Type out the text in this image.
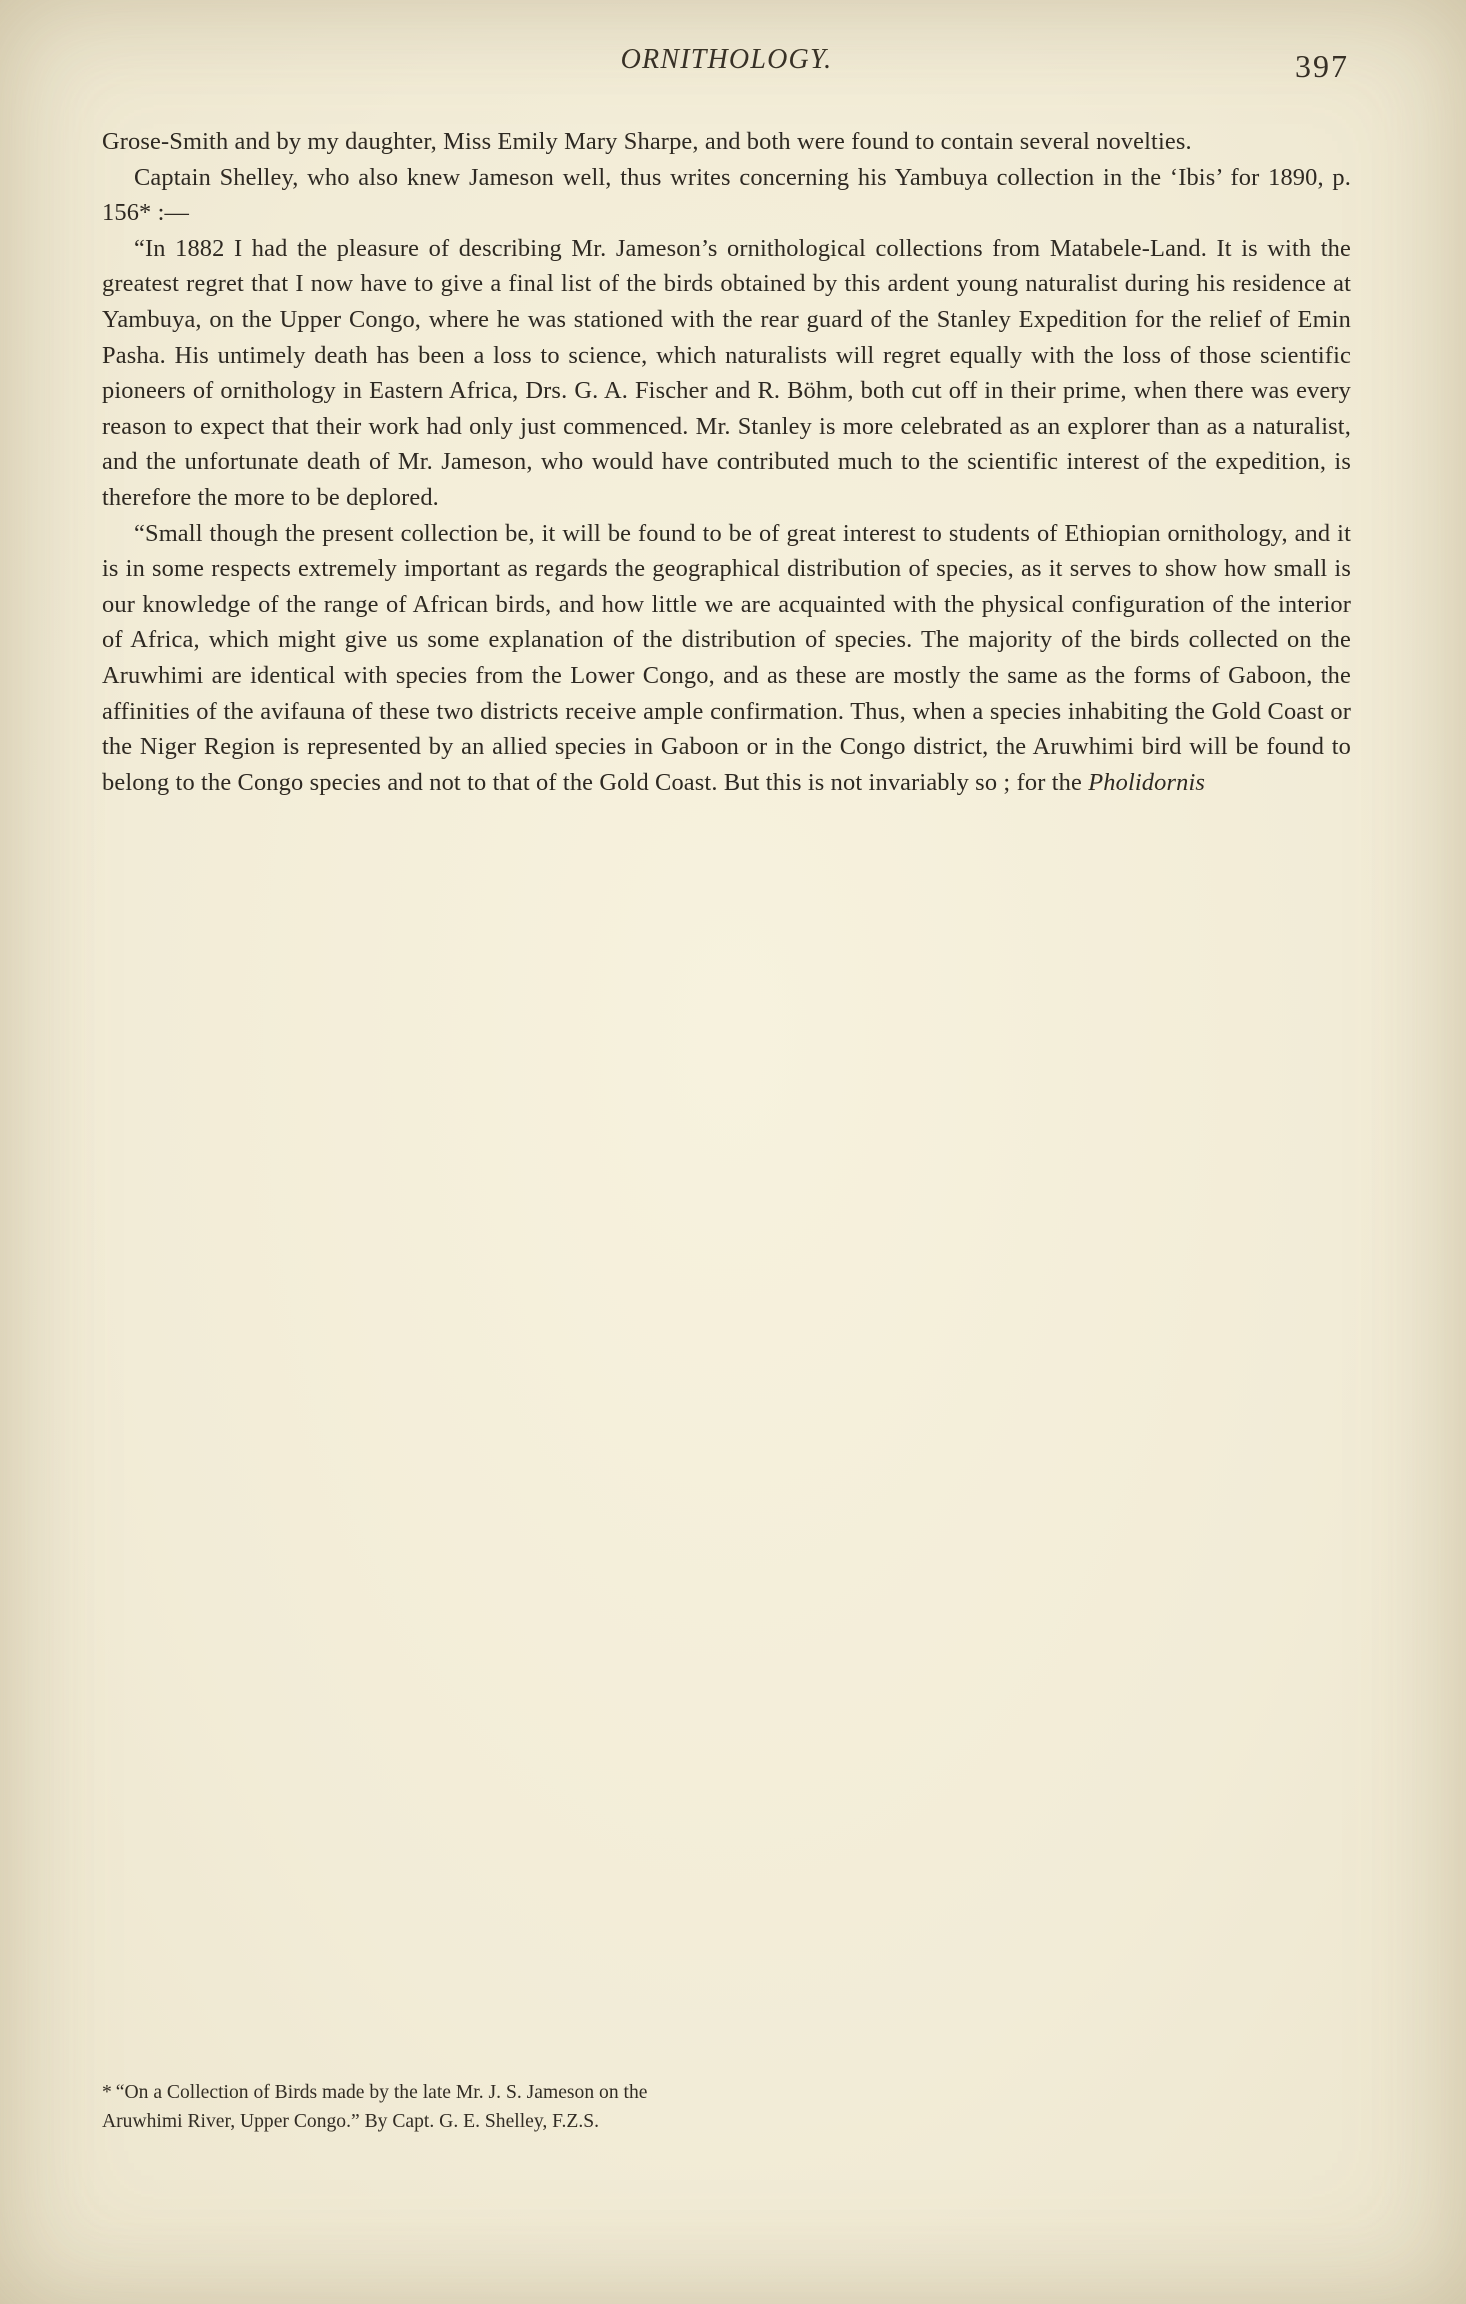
ORNITHOLOGY.	397

Grose-Smith and by my daughter, Miss Emily Mary Sharpe, and both were found to contain several novelties.

Captain Shelley, who also knew Jameson well, thus writes concerning his Yambuya collection in the ‘Ibis’ for 1890, p. 156* :—

“In 1882 I had the pleasure of describing Mr. Jameson’s ornithological collections from Matabele-Land. It is with the greatest regret that I now have to give a final list of the birds obtained by this ardent young naturalist during his residence at Yambuya, on the Upper Congo, where he was stationed with the rear guard of the Stanley Expedition for the relief of Emin Pasha. His untimely death has been a loss to science, which naturalists will regret equally with the loss of those scientific pioneers of ornithology in Eastern Africa, Drs. G. A. Fischer and R. Böhm, both cut off in their prime, when there was every reason to expect that their work had only just commenced. Mr. Stanley is more celebrated as an explorer than as a naturalist, and the unfortunate death of Mr. Jameson, who would have contributed much to the scientific interest of the expedition, is therefore the more to be deplored.

“Small though the present collection be, it will be found to be of great interest to students of Ethiopian ornithology, and it is in some respects extremely important as regards the geographical distribution of species, as it serves to show how small is our knowledge of the range of African birds, and how little we are acquainted with the physical configuration of the interior of Africa, which might give us some explanation of the distribution of species. The majority of the birds collected on the Aruwhimi are identical with species from the Lower Congo, and as these are mostly the same as the forms of Gaboon, the affinities of the avifauna of these two districts receive ample confirmation. Thus, when a species inhabiting the Gold Coast or the Niger Region is represented by an allied species in Gaboon or in the Congo district, the Aruwhimi bird will be found to belong to the Congo species and not to that of the Gold Coast. But this is not invariably so ; for the Pholidornis

* “On a Collection of Birds made by the late Mr. J. S. Jameson on the
Aruwhimi River, Upper Congo.” By Capt. G. E. Shelley, F.Z.S.
